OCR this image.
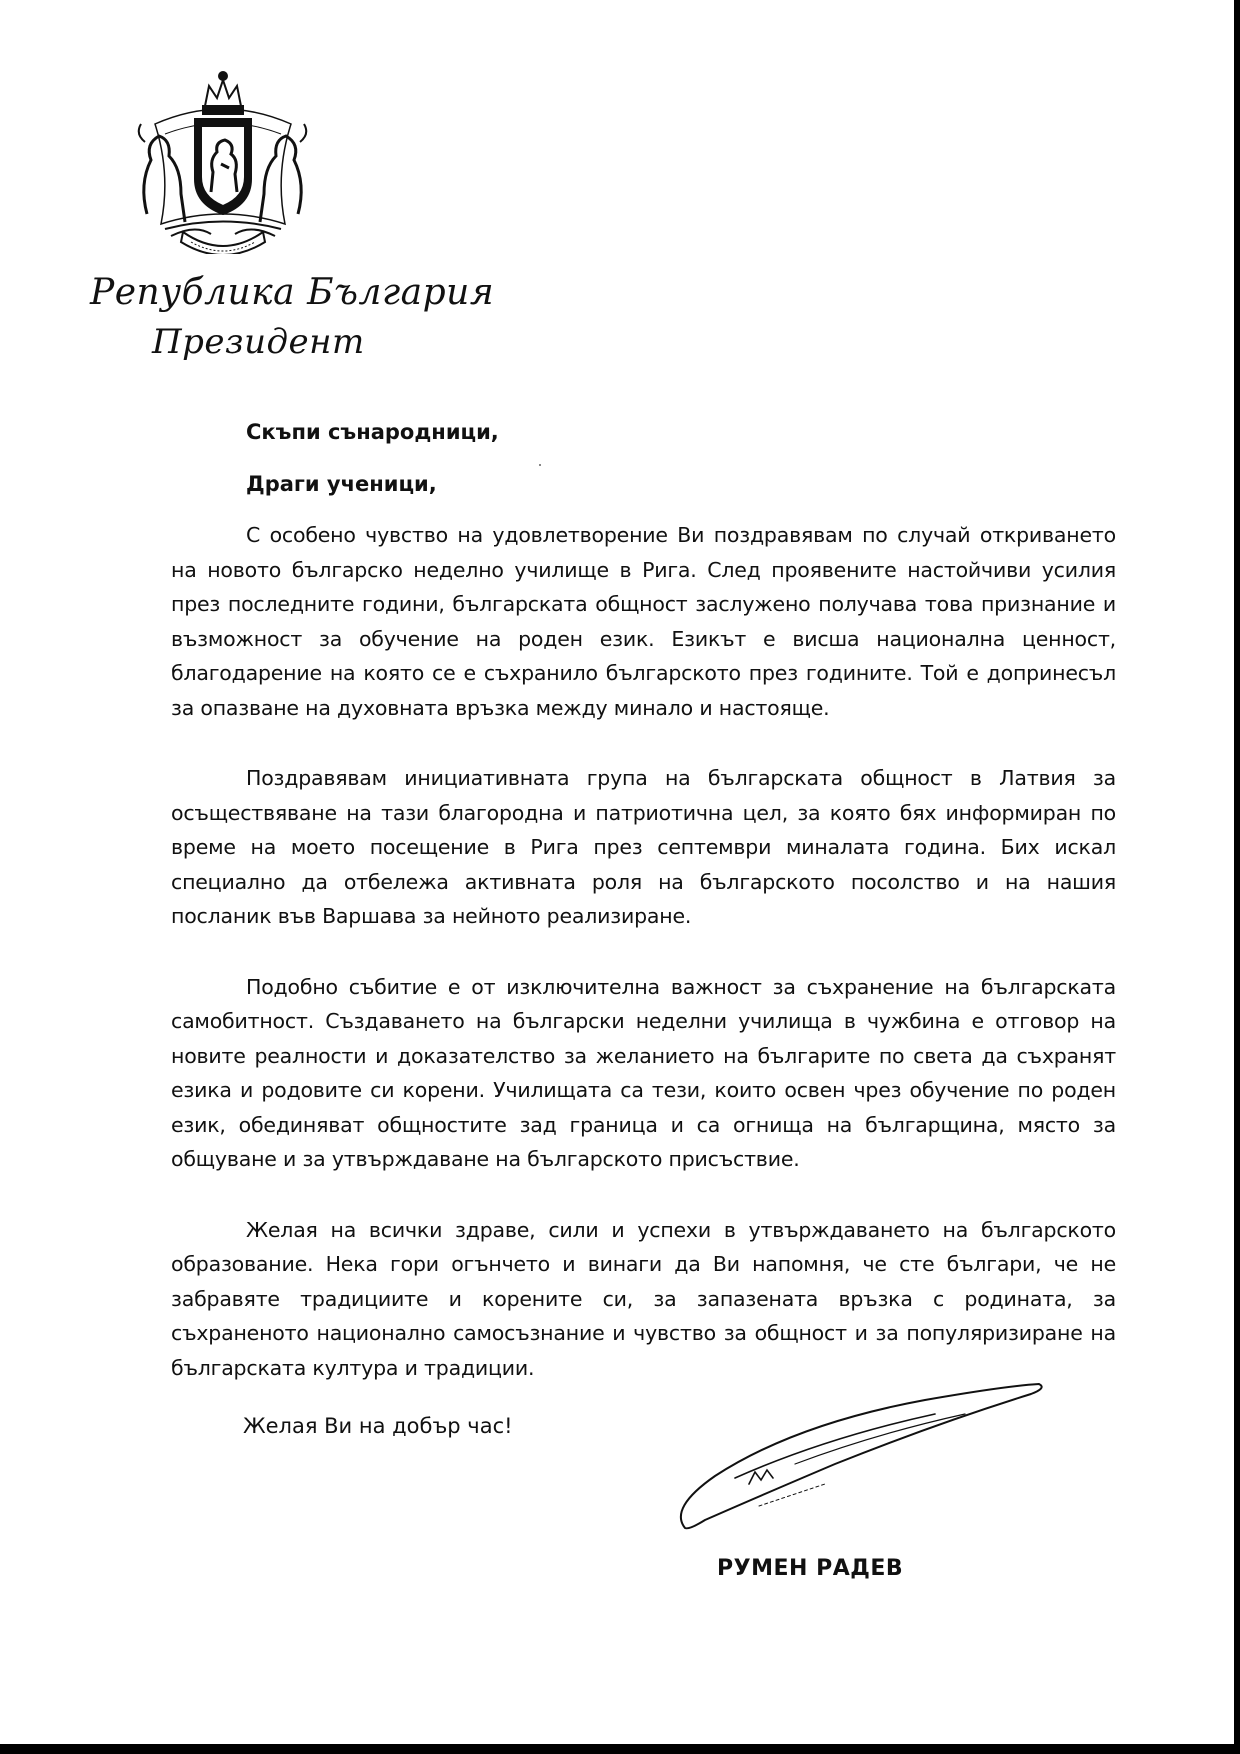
Република България
Президент
Скъпи сънародници,
Драги ученици,

С особено чувство на удовлетворение Ви поздравявам по случай откриването на новото българско неделно училище в Рига. След проявените настойчиви усилия през последните години, българската общност заслужено получава това признание и възможност за обучение на роден език. Езикът е висша национална ценност, благодарение на която се е съхранило българското през годините. Той е допринесъл за опазване на духовната връзка между минало и настояще.

Поздравявам инициативната група на българската общност в Латвия за осъществяване на тази благородна и патриотична цел, за която бях информиран по време на моето посещение в Рига през септември миналата година. Бих искал специално да отбележа активната роля на българското посолство и на нашия посланик във Варшава за нейното реализиране.

Подобно събитие е от изключителна важност за съхранение на българската самобитност. Създаването на български неделни училища в чужбина е отговор на новите реалности и доказателство за желанието на българите по света да съхранят езика и родовите си корени. Училищата са тези, които освен чрез обучение по роден език, обединяват общностите зад граница и са огнища на българщина, място за общуване и за утвърждаване на българското присъствие.

Желая на всички здраве, сили и успехи в утвърждаването на българското образование. Нека гори огънчето и винаги да Ви напомня, че сте българи, че не забравяте традициите и корените си, за запазената връзка с родината, за съхраненото национално самосъзнание и чувство за общност и за популяризиране на българската култура и традиции.

Желая Ви на добър час!
РУМЕН РАДЕВ
